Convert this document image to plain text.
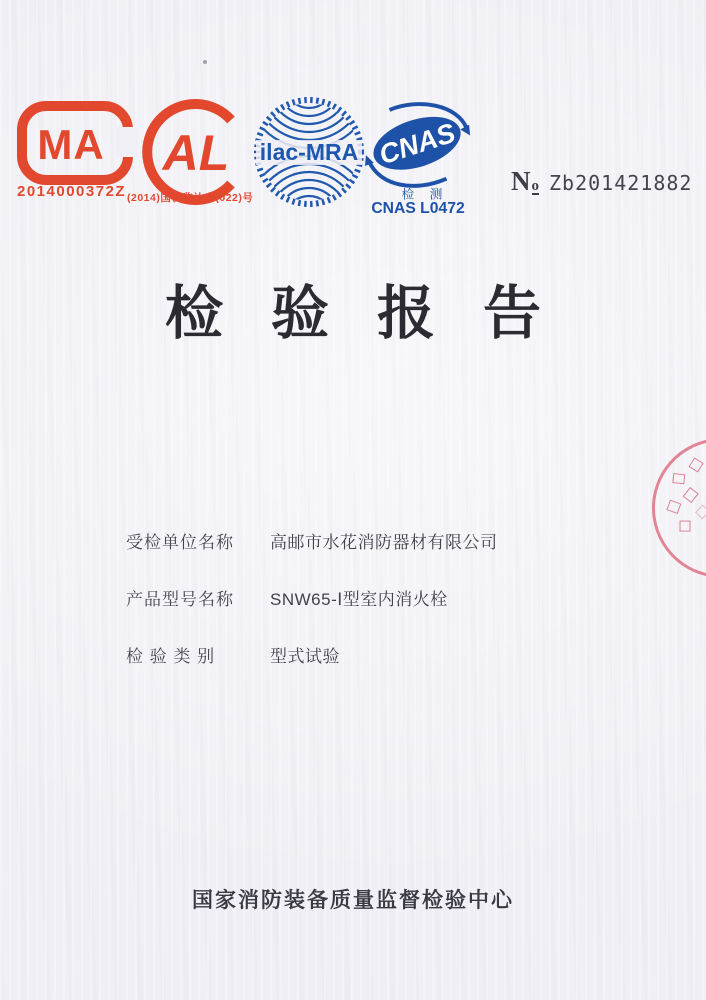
MA
2014000372Z
AL
(2014)国认监认字(022)号
ilac-MRA CNAS
检 测
CNAS L0472
No Zb201421882
检验报告
受检单位名称	高邮市水花消防器材有限公司
产品型号名称	SNW65-Ⅰ型室内消火栓
检 验 类 别	型式试验
国家消防装备质量监督检验中心
